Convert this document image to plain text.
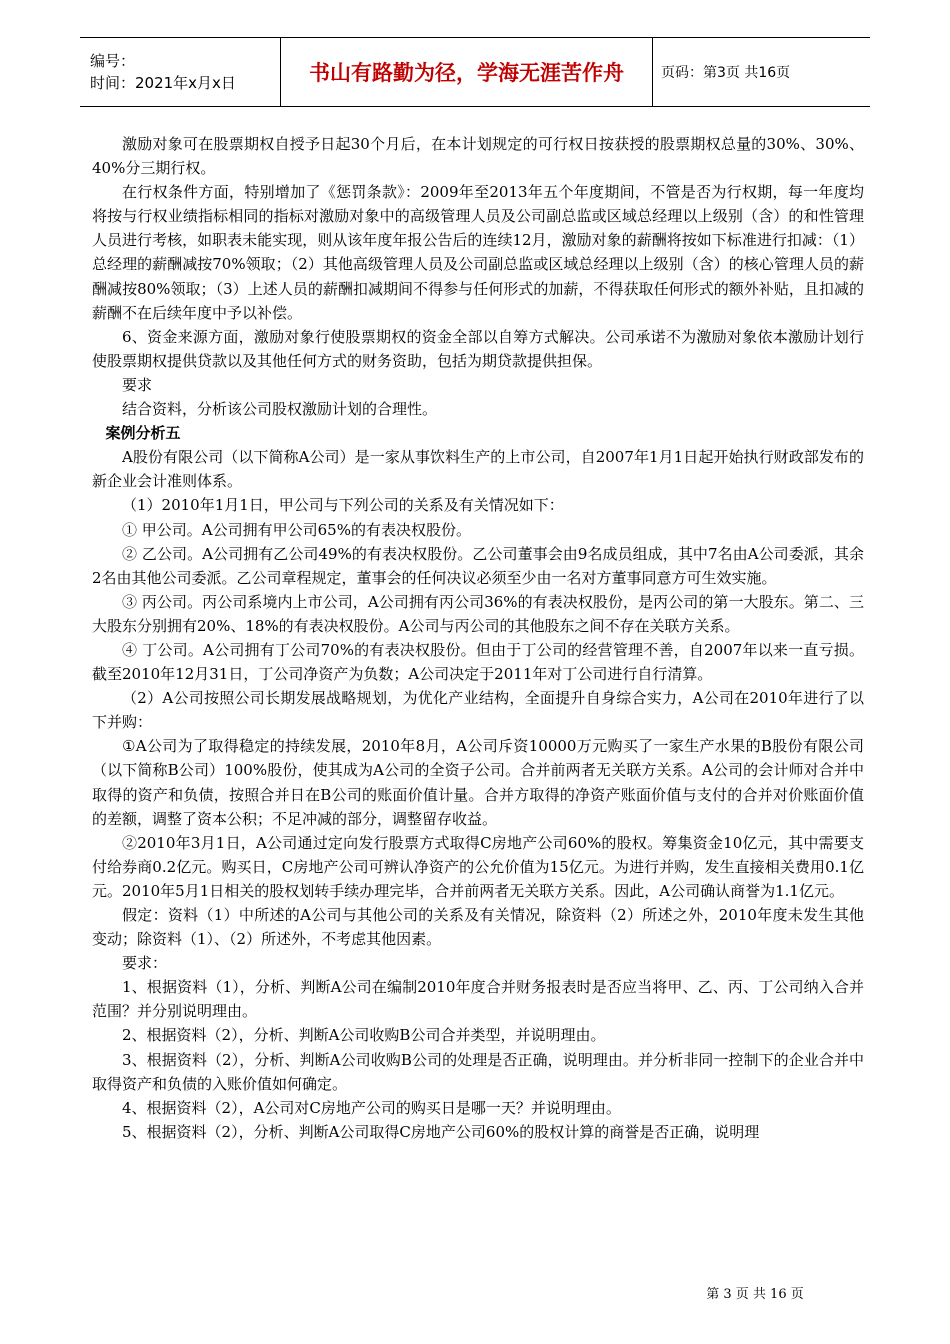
编号：
时间：2021年x月x日	书山有路勤为径，学海无涯苦作舟	页码：第3页 共16页

激励对象可在股票期权自授予日起30个月后，在本计划规定的可行权日按获授的股票期权总量的30%、30%、40%分三期行权。

在行权条件方面，特别增加了《惩罚条款》：2009年至2013年五个年度期间，不管是否为行权期，每一年度均将按与行权业绩指标相同的指标对激励对象中的高级管理人员及公司副总监或区域总经理以上级别（含）的和性管理人员进行考核，如职表未能实现，则从该年度年报公告后的连续12月，激励对象的薪酬将按如下标准进行扣减：（1）总经理的薪酬减按70%领取；（2）其他高级管理人员及公司副总监或区域总经理以上级别（含）的核心管理人员的薪酬减按80%领取；（3）上述人员的薪酬扣减期间不得参与任何形式的加薪，不得获取任何形式的额外补贴，且扣减的薪酬不在后续年度中予以补偿。

6、资金来源方面，激励对象行使股票期权的资金全部以自筹方式解决。公司承诺不为激励对象依本激励计划行使股票期权提供贷款以及其他任何方式的财务资助，包括为期贷款提供担保。

要求

结合资料，分析该公司股权激励计划的合理性。

案例分析五

A股份有限公司（以下简称A公司）是一家从事饮料生产的上市公司，自2007年1月1日起开始执行财政部发布的新企业会计准则体系。

（1）2010年1月1日，甲公司与下列公司的关系及有关情况如下：

① 甲公司。A公司拥有甲公司65%的有表决权股份。

② 乙公司。A公司拥有乙公司49%的有表决权股份。乙公司董事会由9名成员组成，其中7名由A公司委派，其余2名由其他公司委派。乙公司章程规定，董事会的任何决议必须至少由一名对方董事同意方可生效实施。

③ 丙公司。丙公司系境内上市公司，A公司拥有丙公司36%的有表决权股份，是丙公司的第一大股东。第二、三大股东分别拥有20%、18%的有表决权股份。A公司与丙公司的其他股东之间不存在关联方关系。

④ 丁公司。A公司拥有丁公司70%的有表决权股份。但由于丁公司的经营管理不善，自2007年以来一直亏损。截至2010年12月31日，丁公司净资产为负数；A公司决定于2011年对丁公司进行自行清算。

（2）A公司按照公司长期发展战略规划，为优化产业结构，全面提升自身综合实力，A公司在2010年进行了以下并购：

①A公司为了取得稳定的持续发展，2010年8月，A公司斥资10000万元购买了一家生产水果的B股份有限公司（以下简称B公司）100%股份，使其成为A公司的全资子公司。合并前两者无关联方关系。A公司的会计师对合并中取得的资产和负债，按照合并日在B公司的账面价值计量。合并方取得的净资产账面价值与支付的合并对价账面价值的差额，调整了资本公积；不足冲减的部分，调整留存收益。

②2010年3月1日，A公司通过定向发行股票方式取得C房地产公司60%的股权。筹集资金10亿元，其中需要支付给券商0.2亿元。购买日，C房地产公司可辨认净资产的公允价值为15亿元。为进行并购，发生直接相关费用0.1亿元。2010年5月1日相关的股权划转手续办理完毕，合并前两者无关联方关系。因此，A公司确认商誉为1.1亿元。

假定：资料（1）中所述的A公司与其他公司的关系及有关情况，除资料（2）所述之外，2010年度未发生其他变动；除资料（1）、（2）所述外，不考虑其他因素。

要求：

1、根据资料（1），分析、判断A公司在编制2010年度合并财务报表时是否应当将甲、乙、丙、丁公司纳入合并范围？并分别说明理由。

2、根据资料（2），分析、判断A公司收购B公司合并类型，并说明理由。

3、根据资料（2），分析、判断A公司收购B公司的处理是否正确，说明理由。并分析非同一控制下的企业合并中取得资产和负债的入账价值如何确定。

4、根据资料（2），A公司对C房地产公司的购买日是哪一天？并说明理由。

5、根据资料（2），分析、判断A公司取得C房地产公司60%的股权计算的商誉是否正确，说明理

第 3 页 共 16 页
